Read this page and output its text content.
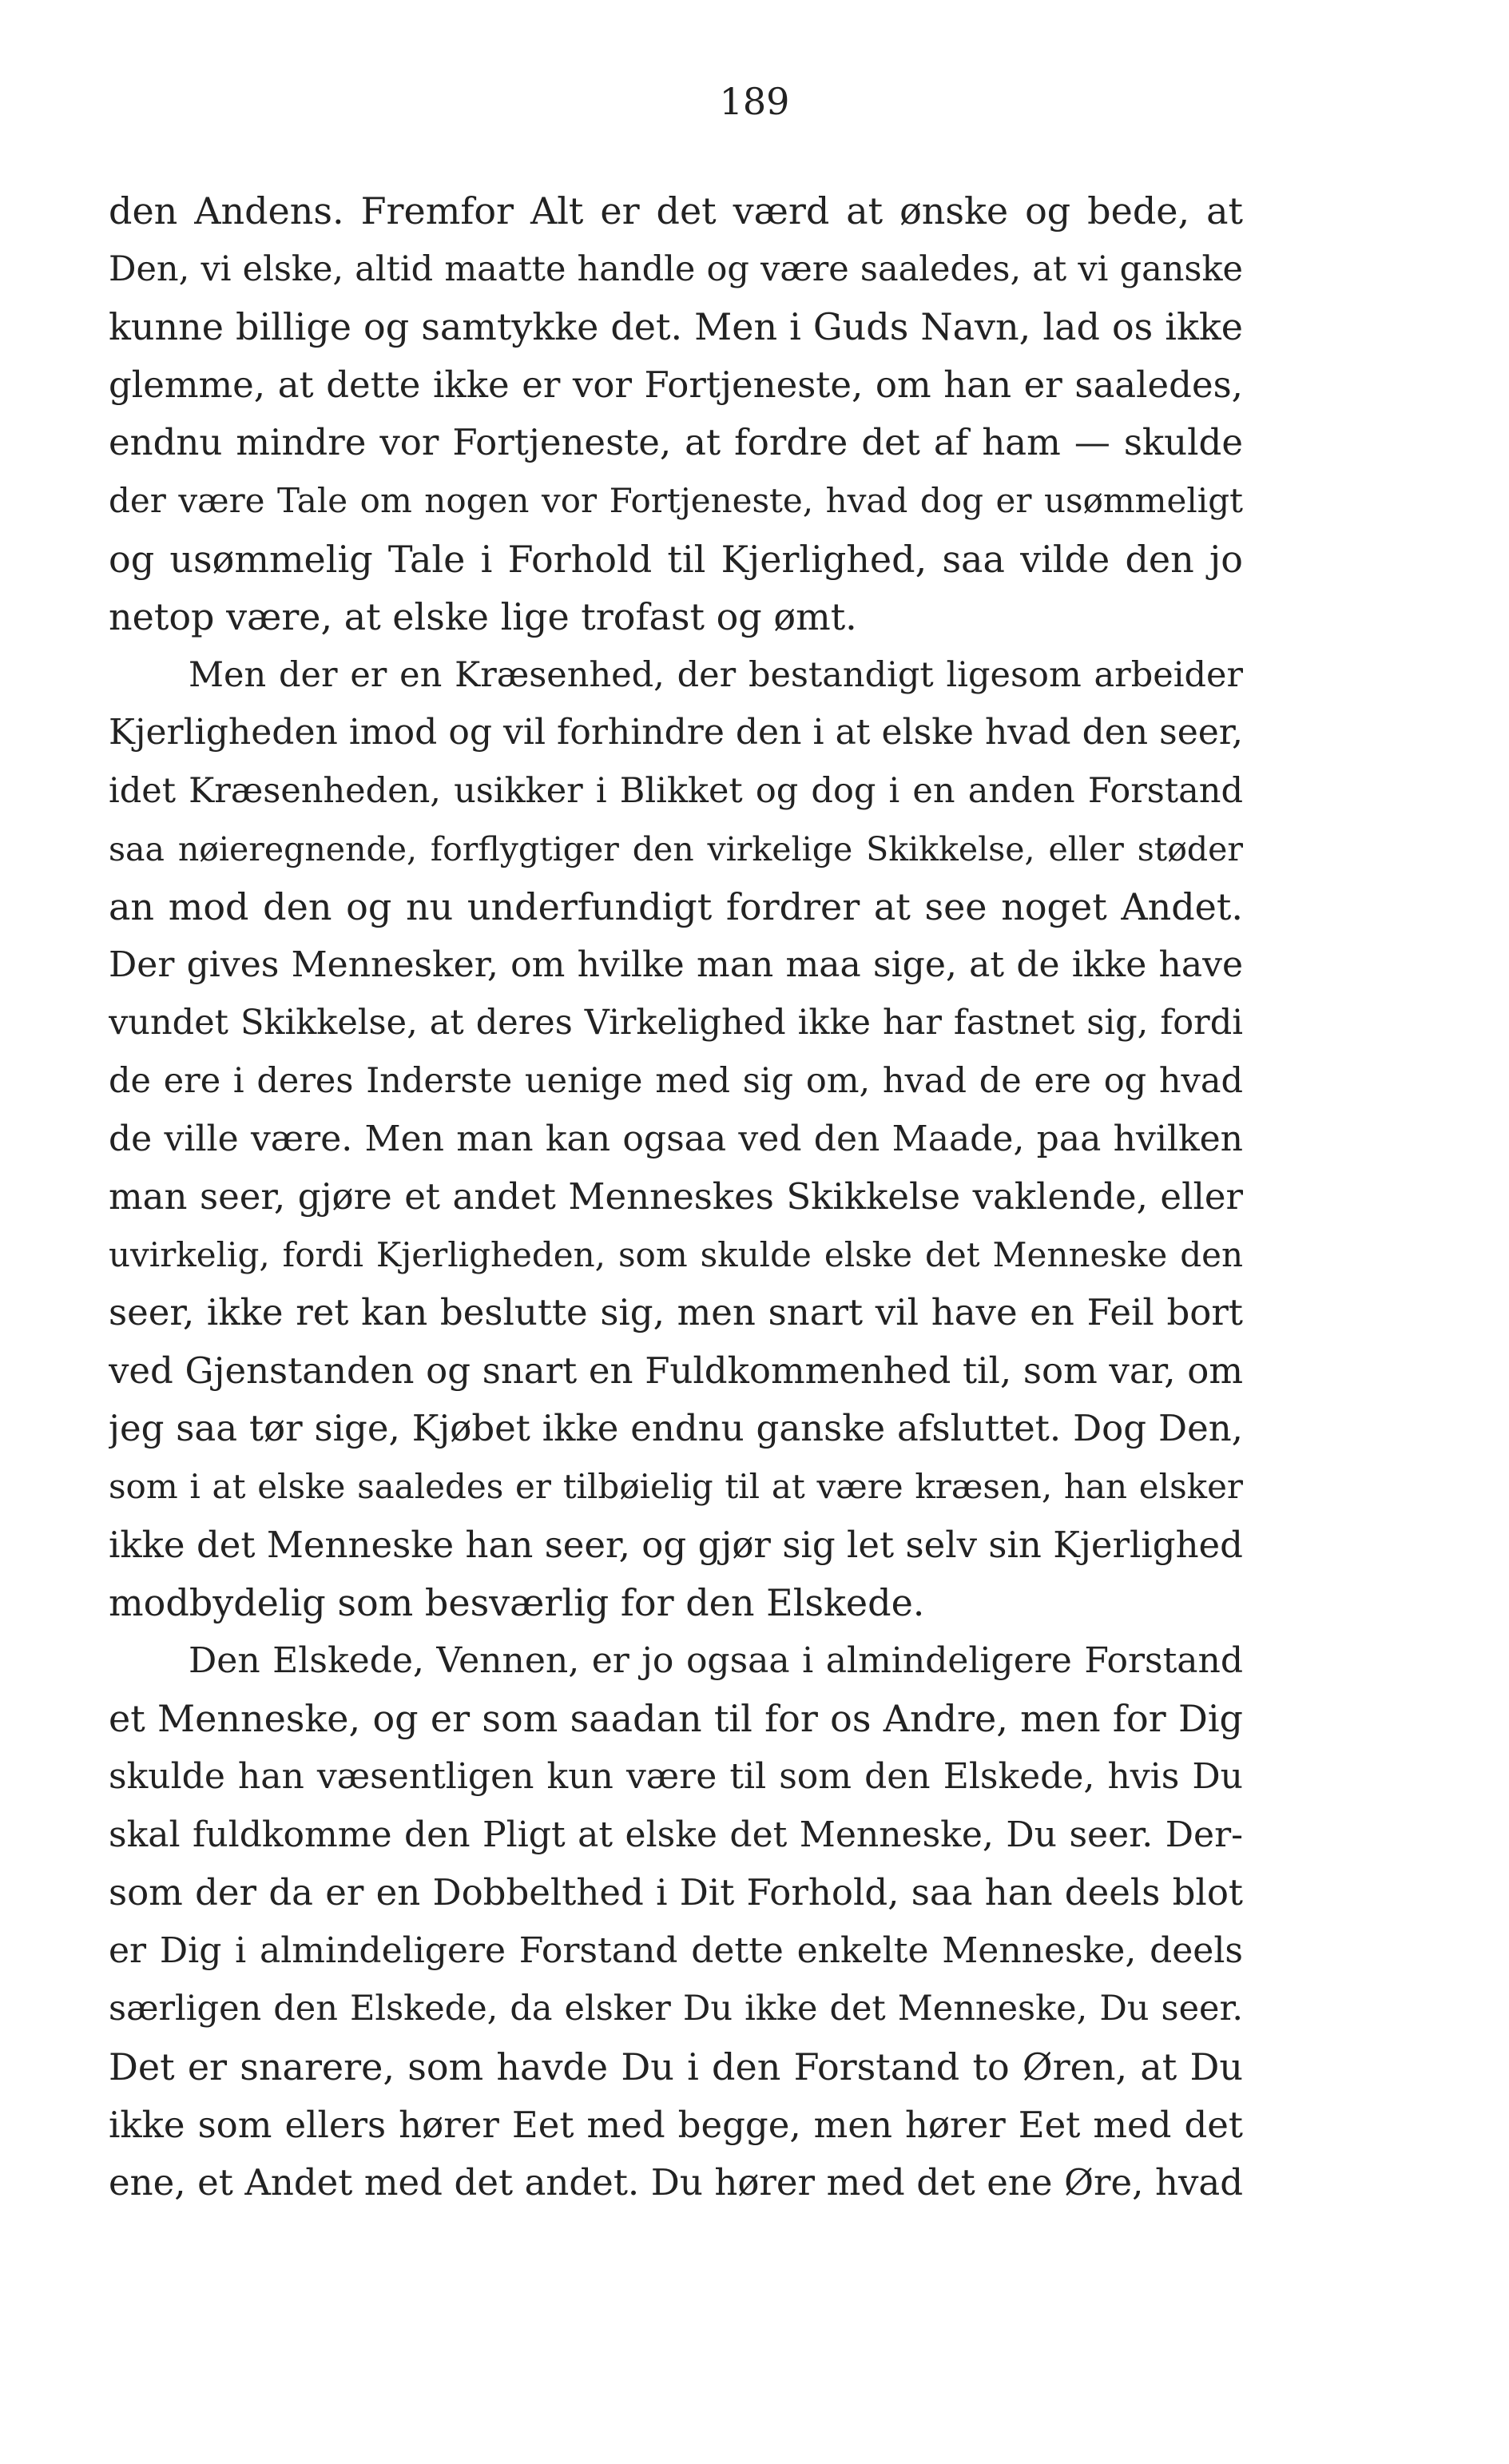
189
den Andens. Fremfor Alt er det værd at ønske og bede, at
Den, vi elske, altid maatte handle og være saaledes, at vi ganske
kunne billige og samtykke det. Men i Guds Navn, lad os ikke
glemme, at dette ikke er vor Fortjeneste, om han er saaledes,
endnu mindre vor Fortjeneste, at fordre det af ham — skulde
der være Tale om nogen vor Fortjeneste, hvad dog er usømmeligt
og usømmelig Tale i Forhold til Kjerlighed, saa vilde den jo
netop være, at elske lige trofast og ømt.
Men der er en Kræsenhed, der bestandigt ligesom arbeider
Kjerligheden imod og vil forhindre den i at elske hvad den seer,
idet Kræsenheden, usikker i Blikket og dog i en anden Forstand
saa nøieregnende, forflygtiger den virkelige Skikkelse, eller støder
an mod den og nu underfundigt fordrer at see noget Andet.
Der gives Mennesker, om hvilke man maa sige, at de ikke have
vundet Skikkelse, at deres Virkelighed ikke har fastnet sig, fordi
de ere i deres Inderste uenige med sig om, hvad de ere og hvad
de ville være. Men man kan ogsaa ved den Maade, paa hvilken
man seer, gjøre et andet Menneskes Skikkelse vaklende, eller
uvirkelig, fordi Kjerligheden, som skulde elske det Menneske den
seer, ikke ret kan beslutte sig, men snart vil have en Feil bort
ved Gjenstanden og snart en Fuldkommenhed til, som var, om
jeg saa tør sige, Kjøbet ikke endnu ganske afsluttet. Dog Den,
som i at elske saaledes er tilbøielig til at være kræsen, han elsker
ikke det Menneske han seer, og gjør sig let selv sin Kjerlighed
modbydelig som besværlig for den Elskede.
Den Elskede, Vennen, er jo ogsaa i almindeligere Forstand
et Menneske, og er som saadan til for os Andre, men for Dig
skulde han væsentligen kun være til som den Elskede, hvis Du
skal fuldkomme den Pligt at elske det Menneske, Du seer. Der-
som der da er en Dobbelthed i Dit Forhold, saa han deels blot
er Dig i almindeligere Forstand dette enkelte Menneske, deels
særligen den Elskede, da elsker Du ikke det Menneske, Du seer.
Det er snarere, som havde Du i den Forstand to Øren, at Du
ikke som ellers hører Eet med begge, men hører Eet med det
ene, et Andet med det andet. Du hører med det ene Øre, hvad
